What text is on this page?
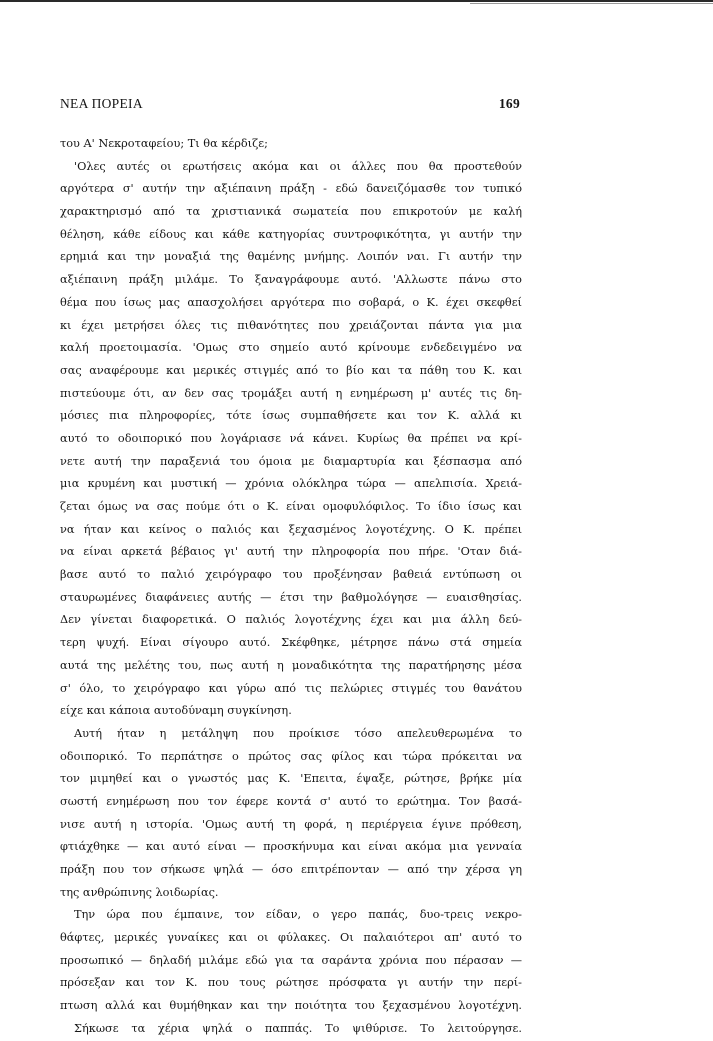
ΝΕΑ ΠΟΡΕΙΑ	169
του Α' Νεκροταφείου; Τι θα κέρδιζε;
'Ολες αυτές οι ερωτήσεις ακόμα και οι άλλες που θα προστεθούν
αργότερα σ' αυτήν την αξιέπαινη πράξη - εδώ δανειζόμασθε τον τυπικό
χαρακτηρισμό από τα χριστιανικά σωματεία που επικροτούν με καλή
θέληση, κάθε είδους και κάθε κατηγορίας συντροφικότητα, γι αυτήν την
ερημιά και την μοναξιά της θαμένης μνήμης. Λοιπόν ναι. Γι αυτήν την
αξιέπαινη πράξη μιλάμε. Το ξαναγράφουμε αυτό. 'Αλλωστε πάνω στο
θέμα που ίσως μας απασχολήσει αργότερα πιο σοβαρά, ο Κ. έχει σκεφθεί
κι έχει μετρήσει όλες τις πιθανότητες που χρειάζονται πάντα για μια
καλή προετοιμασία. 'Ομως στο σημείο αυτό κρίνουμε ενδεδειγμένο να
σας αναφέρουμε και μερικές στιγμές από το βίο και τα πάθη του Κ. και
πιστεύουμε ότι, αν δεν σας τρομάξει αυτή η ενημέρωση μ' αυτές τις δη-
μόσιες πια πληροφορίες, τότε ίσως συμπαθήσετε και τον Κ. αλλά κι
αυτό το οδοιπορικό που λογάριασε νά κάνει. Κυρίως θα πρέπει να κρί-
νετε αυτή την παραξενιά του όμοια με διαμαρτυρία και ξέσπασμα από
μια κρυμένη και μυστική — χρόνια ολόκληρα τώρα — απελπισία. Χρειά-
ζεται όμως να σας πούμε ότι ο Κ. είναι ομοφυλόφιλος. Το ίδιο ίσως και
να ήταν και κείνος ο παλιός και ξεχασμένος λογοτέχνης. Ο Κ. πρέπει
να είναι αρκετά βέβαιος γι' αυτή την πληροφορία που πήρε. 'Οταν διά-
βασε αυτό το παλιό χειρόγραφο του προξένησαν βαθειά εντύπωση οι
σταυρωμένες διαφάνειες αυτής — έτσι την βαθμολόγησε — ευαισθησίας.
Δεν γίνεται διαφορετικά. Ο παλιός λογοτέχνης έχει και μια άλλη δεύ-
τερη ψυχή. Είναι σίγουρο αυτό. Σκέφθηκε, μέτρησε πάνω στά σημεία
αυτά της μελέτης του, πως αυτή η μοναδικότητα της παρατήρησης μέσα
σ' όλο, το χειρόγραφο και γύρω από τις πελώριες στιγμές του θανάτου
είχε και κάποια αυτοδύναμη συγκίνηση.
Αυτή ήταν η μετάληψη που προίκισε τόσο απελευθερωμένα το
οδοιπορικό. Το περπάτησε ο πρώτος σας φίλος και τώρα πρόκειται να
τον μιμηθεί και ο γνωστός μας Κ. 'Επειτα, έψαξε, ρώτησε, βρήκε μία
σωστή ενημέρωση που τον έφερε κοντά σ' αυτό το ερώτημα. Τον βασά-
νισε αυτή η ιστορία. 'Ομως αυτή τη φορά, η περιέργεια έγινε πρόθεση,
φτιάχθηκε — και αυτό είναι — προσκήνυμα και είναι ακόμα μια γενναία
πράξη που τον σήκωσε ψηλά — όσο επιτρέπονταν — από την χέρσα γη
της ανθρώπινης λοιδωρίας.
Την ώρα που έμπαινε, τον είδαν, ο γερο παπάς, δυο-τρεις νεκρο-
θάφτες, μερικές γυναίκες και οι φύλακες. Οι παλαιότεροι απ' αυτό το
προσωπικό — δηλαδή μιλάμε εδώ για τα σαράντα χρόνια που πέρασαν —
πρόσεξαν και τον Κ. που τους ρώτησε πρόσφατα γι αυτήν την περί-
πτωση αλλά και θυμήθηκαν και την ποιότητα του ξεχασμένου λογοτέχνη.
Σήκωσε τα χέρια ψηλά ο παππάς. Το ψιθύρισε. Το λειτούργησε.
